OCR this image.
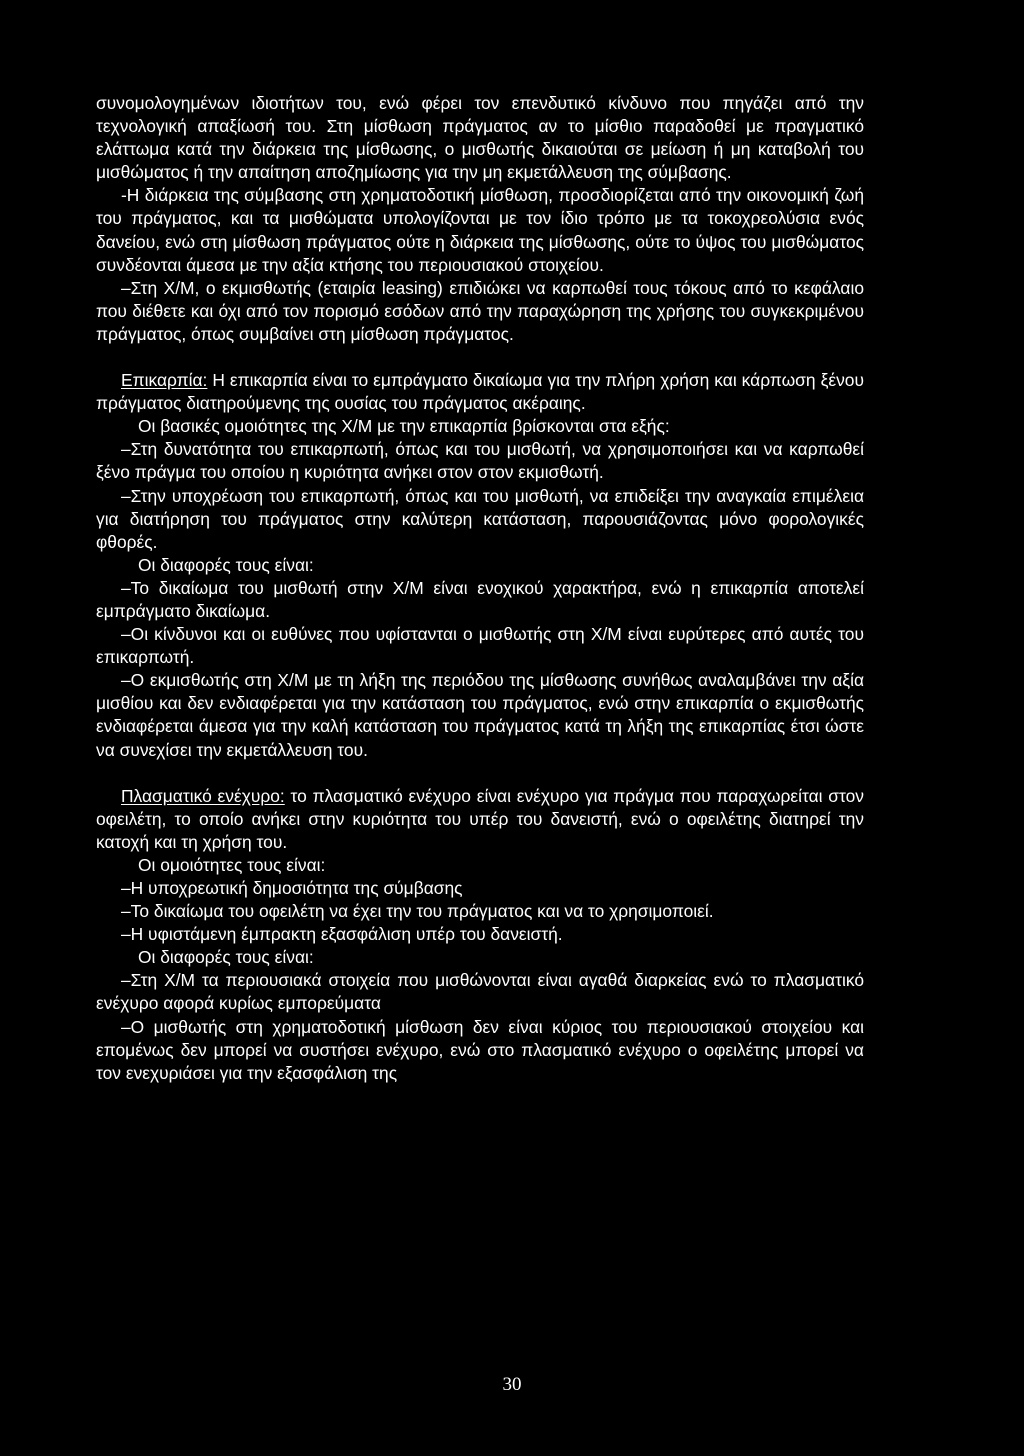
συνομολογημένων ιδιοτήτων του, ενώ φέρει τον επενδυτικό κίνδυνο που πηγάζει από την τεχνολογική απαξίωσή του. Στη μίσθωση πράγματος αν το μίσθιο παραδοθεί με πραγματικό ελάττωμα κατά την διάρκεια της μίσθωσης, ο μισθωτής δικαιούται σε μείωση ή μη καταβολή του μισθώματος ή την απαίτηση αποζημίωσης για την μη εκμετάλλευση της σύμβασης.

-Η διάρκεια της σύμβασης στη χρηματοδοτική μίσθωση, προσδιορίζεται από την οικονομική ζωή του πράγματος, και τα μισθώματα υπολογίζονται με τον ίδιο τρόπο με τα τοκοχρεολύσια ενός δανείου, ενώ στη μίσθωση πράγματος ούτε η διάρκεια της μίσθωσης, ούτε το ύψος του μισθώματος συνδέονται άμεσα με την αξία κτήσης του περιουσιακού στοιχείου.

–Στη Χ/Μ, ο εκμισθωτής (εταιρία leasing) επιδιώκει να καρπωθεί τους τόκους από το κεφάλαιο που διέθετε και όχι από τον πορισμό εσόδων από την παραχώρηση της χρήσης του συγκεκριμένου πράγματος, όπως συμβαίνει στη μίσθωση πράγματος.

Επικαρπία: Η επικαρπία είναι το εμπράγματο δικαίωμα για την πλήρη χρήση και κάρπωση ξένου πράγματος διατηρούμενης της ουσίας του πράγματος ακέραιης.

Οι βασικές ομοιότητες της Χ/Μ με την επικαρπία βρίσκονται στα εξής:

–Στη δυνατότητα του επικαρπωτή, όπως και του μισθωτή, να χρησιμοποιήσει και να καρπωθεί ξένο πράγμα του οποίου η κυριότητα ανήκει στον στον εκμισθωτή.

–Στην υποχρέωση του επικαρπωτή, όπως και του μισθωτή, να επιδείξει την αναγκαία επιμέλεια για διατήρηση του πράγματος στην καλύτερη κατάσταση, παρουσιάζοντας μόνο φορολογικές φθορές.

Οι διαφορές τους είναι:

–Το δικαίωμα του μισθωτή στην Χ/Μ είναι ενοχικού χαρακτήρα, ενώ η επικαρπία αποτελεί εμπράγματο δικαίωμα.

–Οι κίνδυνοι και οι ευθύνες που υφίστανται ο μισθωτής στη Χ/Μ είναι ευρύτερες από αυτές του επικαρπωτή.

–Ο εκμισθωτής στη Χ/Μ με τη λήξη της περιόδου της μίσθωσης συνήθως αναλαμβάνει την αξία μισθίου και δεν ενδιαφέρεται για την κατάσταση του πράγματος, ενώ στην επικαρπία ο εκμισθωτής ενδιαφέρεται άμεσα για την καλή κατάσταση του πράγματος κατά τη λήξη της επικαρπίας έτσι ώστε να συνεχίσει την εκμετάλλευση του.

Πλασματικό ενέχυρο: το πλασματικό ενέχυρο είναι ενέχυρο για πράγμα που παραχωρείται στον οφειλέτη, το οποίο ανήκει στην κυριότητα του υπέρ του δανειστή, ενώ ο οφειλέτης διατηρεί την κατοχή και τη χρήση του.

Οι ομοιότητες τους είναι:

–Η υποχρεωτική δημοσιότητα της σύμβασης

–Το δικαίωμα του οφειλέτη να έχει την του πράγματος και να το χρησιμοποιεί.

–Η υφιστάμενη έμπρακτη εξασφάλιση υπέρ του δανειστή.

Οι διαφορές τους είναι:

–Στη Χ/Μ τα περιουσιακά στοιχεία που μισθώνονται είναι αγαθά διαρκείας ενώ το πλασματικό ενέχυρο αφορά κυρίως εμπορεύματα

–Ο μισθωτής στη χρηματοδοτική μίσθωση δεν είναι κύριος του περιουσιακού στοιχείου και επομένως δεν μπορεί να συστήσει ενέχυρο, ενώ στο πλασματικό ενέχυρο ο οφειλέτης μπορεί να τον ενεχυριάσει για την εξασφάλιση της

30
